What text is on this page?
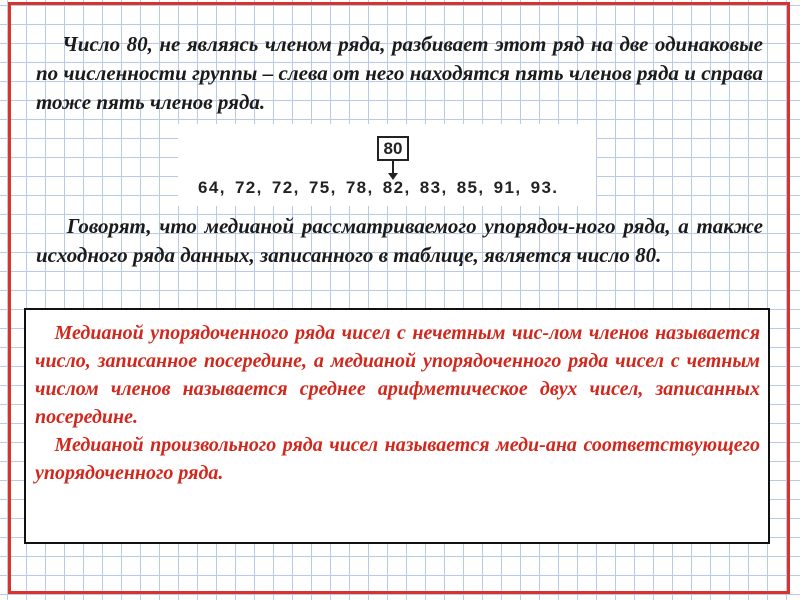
Число 80, не являясь членом ряда, разбивает этот ряд на две одинаковые по численности группы – слева от него находятся пять членов ряда и справа тоже пять членов ряда.

80
64, 72, 72, 75, 78, 82, 83, 85, 91, 93.

Говорят, что медианой рассматриваемого упорядоч-ного ряда, а также исходного ряда данных, записанного в таблице, является число 80.

Медианой упорядоченного ряда чисел с нечетным чис-лом членов называется число, записанное посередине, а медианой упорядоченного ряда чисел с четным числом членов называется среднее арифметическое двух чисел, записанных посередине.
Медианой произвольного ряда чисел называется меди-ана соответствующего упорядоченного ряда.
